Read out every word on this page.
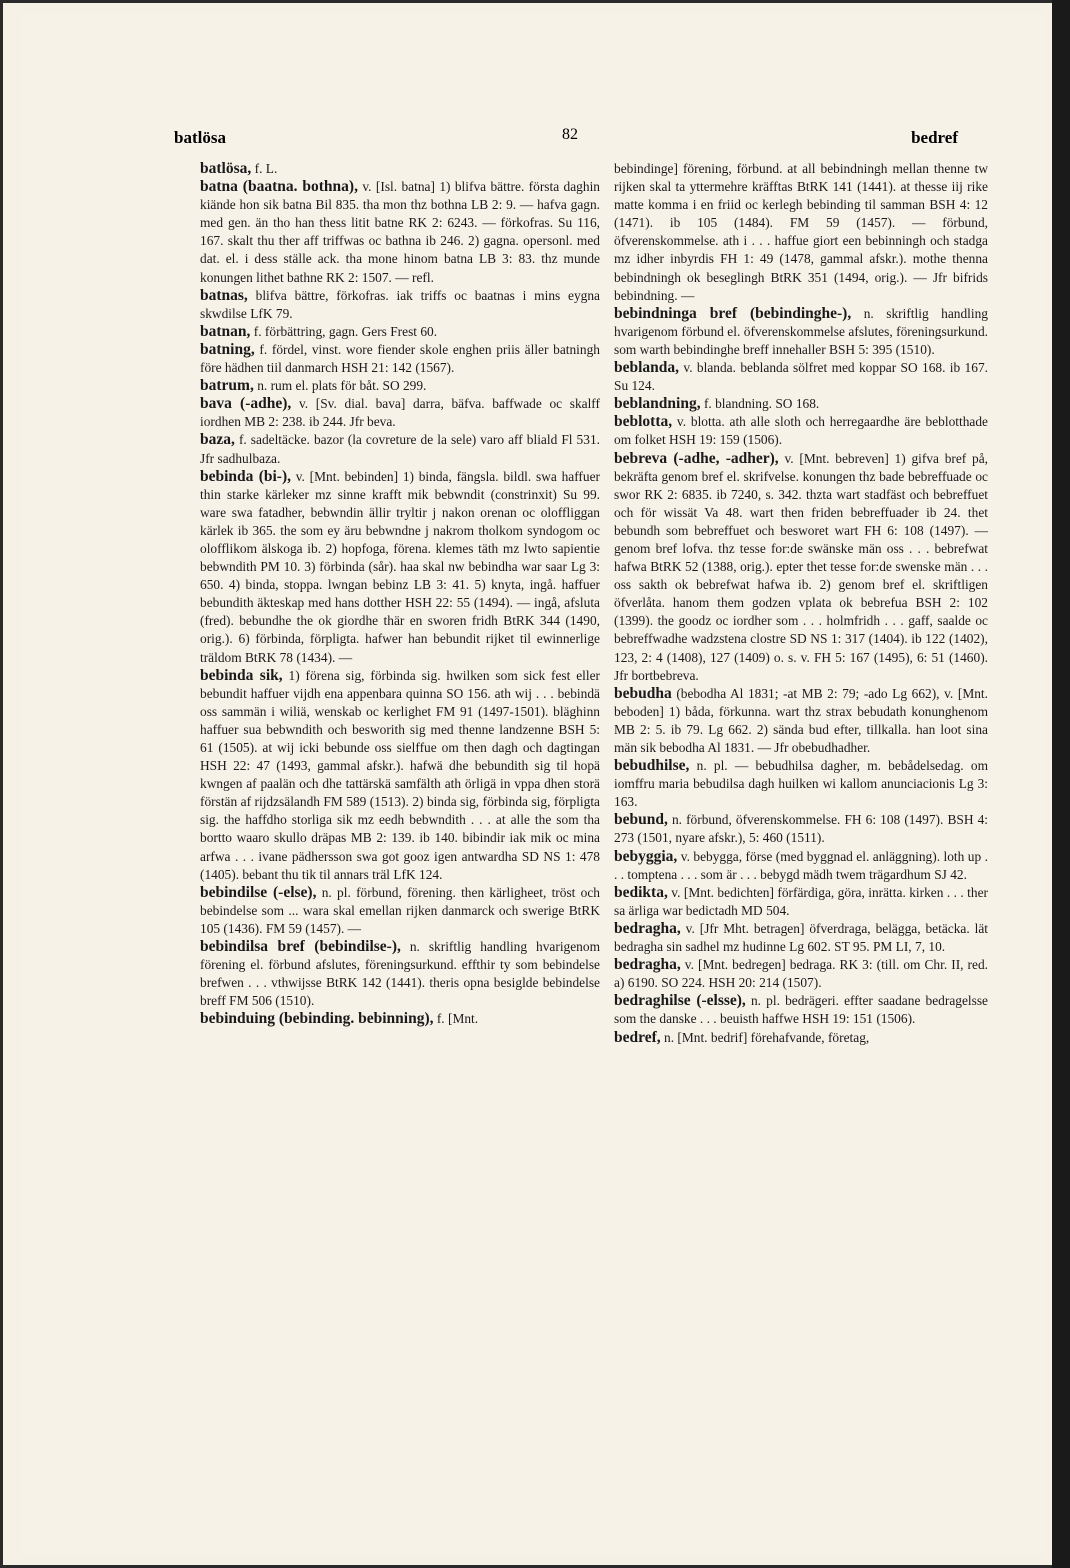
batlösa	82	bedref

batlösa, f. L.

batna (baatna. bothna), v. [Isl. batna] 1) blifva bättre. första daghin kiände hon sik batna Bil 835. tha mon thz bothna LB 2: 9. — hafva gagn. med gen. än tho han thess litit batne RK 2: 6243. — förkofras. Su 116, 167. skalt thu ther aff triffwas oc bathna ib 246. 2) gagna. opersonl. med dat. el. i dess ställe ack. tha mone hinom batna LB 3: 83. thz munde konungen lithet bathne RK 2: 1507. — refl.

batnas, blifva bättre, förkofras. iak triffs oc baatnas i mins eygna skwdilse LfK 79.

batnan, f. förbättring, gagn. Gers Frest 60.

batning, f. fördel, vinst. wore fiender skole enghen priis äller batningh före hädhen tiil danmarch HSH 21: 142 (1567).

batrum, n. rum el. plats för båt. SO 299.

bava (-adhe), v. [Sv. dial. bava] darra, bäfva. baffwade oc skalff iordhen MB 2: 238. ib 244. Jfr beva.

baza, f. sadeltäcke. bazor (la covreture de la sele) varo aff bliald Fl 531. Jfr sadhulbaza.

bebinda (bi-), v. [Mnt. bebinden] 1) binda, fängsla. bildl. swa haffuer thin starke kärleker mz sinne krafft mik bebwndit (constrinxit) Su 99. ware swa fatadher, bebwndin ällir tryltir j nakon orenan oc oloffliggan kärlek ib 365. the som ey äru bebwndne j nakrom tholkom syndogom oc olofflikom älskoga ib. 2) hopfoga, förena. klemes täth mz lwto sapientie bebwndith PM 10. 3) förbinda (sår). haa skal nw bebindha war saar Lg 3: 650. 4) binda, stoppa. lwngan bebinz LB 3: 41. 5) knyta, ingå. haffuer bebundith äkteskap med hans dotther HSH 22: 55 (1494). — ingå, afsluta (fred). bebundhe the ok giordhe thär en sworen fridh BtRK 344 (1490, orig.). 6) förbinda, förpligta. hafwer han bebundit rijket til ewinnerlige träldom BtRK 78 (1434). —

bebinda sik, 1) förena sig, förbinda sig. hwilken som sick fest eller bebundit haffuer vijdh ena appenbara quinna SO 156. ath wij . . . bebindä oss sammän i wiliä, wenskab oc kerlighet FM 91 (1497-1501). bläghinn haffuer sua bebwndith och besworith sig med thenne landzenne BSH 5: 61 (1505). at wij icki bebunde oss sielffue om then dagh och dagtingan HSH 22: 47 (1493, gammal afskr.). hafwä dhe bebundith sig til hopä kwngen af paalän och dhe tattärskä samfälth ath örligä in vppa dhen storä förstän af rijdzsälandh FM 589 (1513). 2) binda sig, förbinda sig, förpligta sig. the haffdho storliga sik mz eedh bebwndith . . . at alle the som tha bortto waaro skullo dräpas MB 2: 139. ib 140. bibindir iak mik oc mina arfwa . . . ivane pädhersson swa got gooz igen antwardha SD NS 1: 478 (1405). bebant thu tik til annars träl LfK 124.

bebindilse (-else), n. pl. förbund, förening. then kärligheet, tröst och bebindelse som ... wara skal emellan rijken danmarck och swerige BtRK 105 (1436). FM 59 (1457). —

bebindilsa bref (bebindilse-), n. skriftlig handling hvarigenom förening el. förbund afslutes, föreningsurkund. effthir ty som bebindelse brefwen . . . vthwijsse BtRK 142 (1441). theris opna besiglde bebindelse breff FM 506 (1510).

bebinduing (bebinding. bebinning), f. [Mnt.

bebindinge] förening, förbund. at all bebindningh mellan thenne tw rijken skal ta yttermehre kräfftas BtRK 141 (1441). at thesse iij rike matte komma i en friid oc kerlegh bebinding til samman BSH 4: 12 (1471). ib 105 (1484). FM 59 (1457). — förbund, öfverenskommelse. ath i . . . haffue giort een bebinningh och stadga mz idher inbyrdis FH 1: 49 (1478, gammal afskr.). mothe thenna bebindningh ok beseglingh BtRK 351 (1494, orig.). — Jfr bifrids bebindning. —

bebindninga bref (bebindinghe-), n. skriftlig handling hvarigenom förbund el. öfverenskommelse afslutes, föreningsurkund. som warth bebindinghe breff innehaller BSH 5: 395 (1510).

beblanda, v. blanda. beblanda sölfret med koppar SO 168. ib 167. Su 124.

beblandning, f. blandning. SO 168.

beblotta, v. blotta. ath alle sloth och herregaardhe äre beblotthade om folket HSH 19: 159 (1506).

bebreva (-adhe, -adher), v. [Mnt. bebreven] 1) gifva bref på, bekräfta genom bref el. skrifvelse. konungen thz bade bebreffuade oc swor RK 2: 6835. ib 7240, s. 342. thzta wart stadfäst och bebreffuet och för wissät Va 48. wart then friden bebreffuader ib 24. thet bebundh som bebreffuet och besworet wart FH 6: 108 (1497). — genom bref lofva. thz tesse for:de swänske män oss . . . bebrefwat hafwa BtRK 52 (1388, orig.). epter thet tesse for:de swenske män . . . oss sakth ok bebrefwat hafwa ib. 2) genom bref el. skriftligen öfverlåta. hanom them godzen vplata ok bebrefua BSH 2: 102 (1399). the goodz oc iordher som . . . holmfridh . . . gaff, saalde oc bebreffwadhe wadzstena clostre SD NS 1: 317 (1404). ib 122 (1402), 123, 2: 4 (1408), 127 (1409) o. s. v. FH 5: 167 (1495), 6: 51 (1460). Jfr bortbebreva.

bebudha (bebodha Al 1831; -at MB 2: 79; -ado Lg 662), v. [Mnt. beboden] 1) båda, förkunna. wart thz strax bebudath konunghenom MB 2: 5. ib 79. Lg 662. 2) sända bud efter, tillkalla. han loot sina män sik bebodha Al 1831. — Jfr obebudhadher.

bebudhilse, n. pl. — bebudhilsa dagher, m. bebådelsedag. om iomffru maria bebudilsa dagh huilken wi kallom anunciacionis Lg 3: 163.

bebund, n. förbund, öfverenskommelse. FH 6: 108 (1497). BSH 4: 273 (1501, nyare afskr.), 5: 460 (1511).

bebyggia, v. bebygga, förse (med byggnad el. anläggning). loth up . . . tomptena . . . som är . . . bebygd mädh twem trägardhum SJ 42.

bedikta, v. [Mnt. bedichten] förfärdiga, göra, inrätta. kirken . . . ther sa ärliga war bedictadh MD 504.

bedragha, v. [Jfr Mht. betragen] öfverdraga, belägga, betäcka. lät bedragha sin sadhel mz hudinne Lg 602. ST 95. PM LI, 7, 10.

bedragha, v. [Mnt. bedregen] bedraga. RK 3: (till. om Chr. II, red. a) 6190. SO 224. HSH 20: 214 (1507).

bedraghilse (-elsse), n. pl. bedrägeri. effter saadane bedragelsse som the danske . . . beuisth haffwe HSH 19: 151 (1506).

bedref, n. [Mnt. bedrif] förehafvande, företag,
